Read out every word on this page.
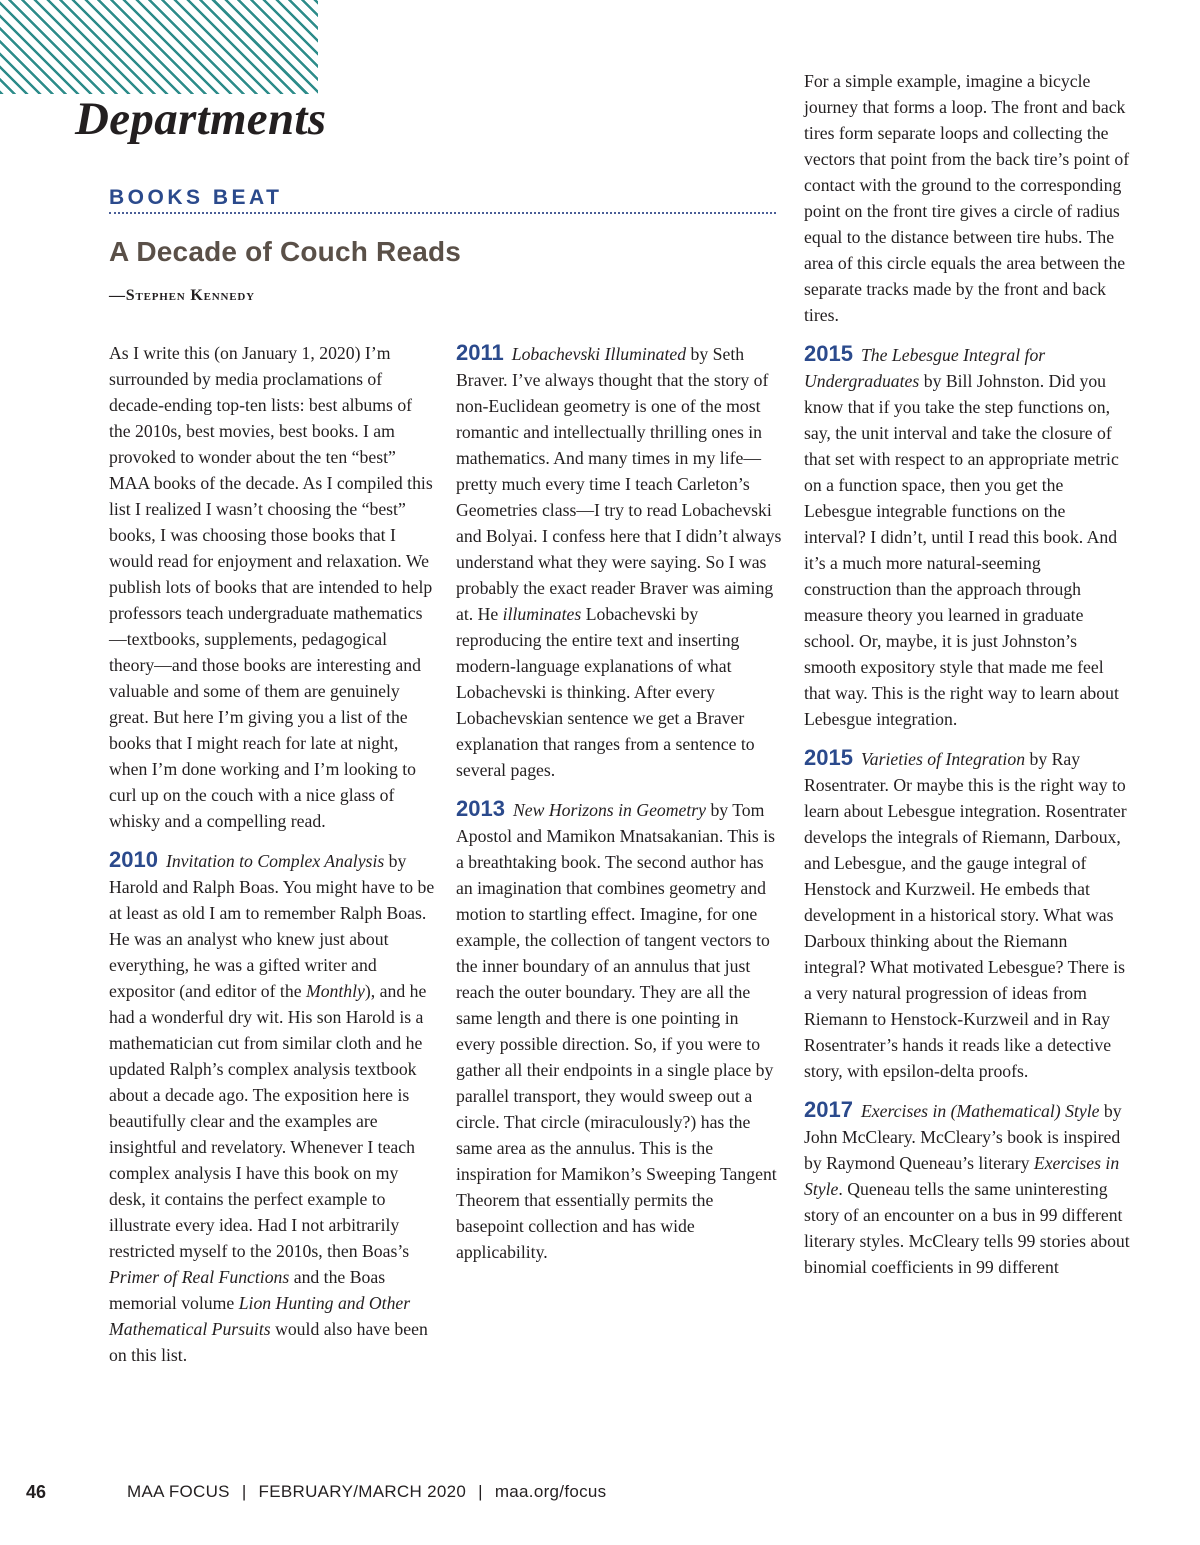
Departments
BOOKS BEAT
A Decade of Couch Reads
—Stephen Kennedy

As I write this (on January 1, 2020) I’m surrounded by media proclamations of decade-ending top-ten lists: best albums of the 2010s, best movies, best books. I am provoked to wonder about the ten “best” MAA books of the decade. As I compiled this list I realized I wasn’t choosing the “best” books, I was choosing those books that I would read for enjoyment and relaxation. We publish lots of books that are intended to help professors teach undergraduate mathematics—textbooks, supplements, pedagogical theory—and those books are interesting and valuable and some of them are genuinely great. But here I’m giving you a list of the books that I might reach for late at night, when I’m done working and I’m looking to curl up on the couch with a nice glass of whisky and a compelling read.

2010 Invitation to Complex Analysis by Harold and Ralph Boas. You might have to be at least as old I am to remember Ralph Boas. He was an analyst who knew just about everything, he was a gifted writer and expositor (and editor of the Monthly), and he had a wonderful dry wit. His son Harold is a mathematician cut from similar cloth and he updated Ralph’s complex analysis textbook about a decade ago. The exposition here is beautifully clear and the examples are insightful and revelatory. Whenever I teach complex analysis I have this book on my desk, it contains the perfect example to illustrate every idea. Had I not arbitrarily restricted myself to the 2010s, then Boas’s Primer of Real Functions and the Boas memorial volume Lion Hunting and Other Mathematical Pursuits would also have been on this list.

2011 Lobachevski Illuminated by Seth Braver. I’ve always thought that the story of non-Euclidean geometry is one of the most romantic and intellectually thrilling ones in mathematics. And many times in my life—pretty much every time I teach Carleton’s Geometries class—I try to read Lobachevski and Bolyai. I confess here that I didn’t always understand what they were saying. So I was probably the exact reader Braver was aiming at. He illuminates Lobachevski by reproducing the entire text and inserting modern-language explanations of what Lobachevski is thinking. After every Lobachevskian sentence we get a Braver explanation that ranges from a sentence to several pages.

2013 New Horizons in Geometry by Tom Apostol and Mamikon Mnatsakanian. This is a breathtaking book. The second author has an imagination that combines geometry and motion to startling effect. Imagine, for one example, the collection of tangent vectors to the inner boundary of an annulus that just reach the outer boundary. They are all the same length and there is one pointing in every possible direction. So, if you were to gather all their endpoints in a single place by parallel transport, they would sweep out a circle. That circle (miraculously?) has the same area as the annulus. This is the inspiration for Mamikon’s Sweeping Tangent Theorem that essentially permits the basepoint collection and has wide applicability.

For a simple example, imagine a bicycle journey that forms a loop. The front and back tires form separate loops and collecting the vectors that point from the back tire’s point of contact with the ground to the corresponding point on the front tire gives a circle of radius equal to the distance between tire hubs. The area of this circle equals the area between the separate tracks made by the front and back tires.

2015 The Lebesgue Integral for Undergraduates by Bill Johnston. Did you know that if you take the step functions on, say, the unit interval and take the closure of that set with respect to an appropriate metric on a function space, then you get the Lebesgue integrable functions on the interval? I didn’t, until I read this book. And it’s a much more natural-seeming construction than the approach through measure theory you learned in graduate school. Or, maybe, it is just Johnston’s smooth expository style that made me feel that way. This is the right way to learn about Lebesgue integration.

2015 Varieties of Integration by Ray Rosentrater. Or maybe this is the right way to learn about Lebesgue integration. Rosentrater develops the integrals of Riemann, Darboux, and Lebesgue, and the gauge integral of Henstock and Kurzweil. He embeds that development in a historical story. What was Darboux thinking about the Riemann integral? What motivated Lebesgue? There is a very natural progression of ideas from Riemann to Henstock-Kurzweil and in Ray Rosentrater’s hands it reads like a detective story, with epsilon-delta proofs.

2017 Exercises in (Mathematical) Style by John McCleary. McCleary’s book is inspired by Raymond Queneau’s literary Exercises in Style. Queneau tells the same uninteresting story of an encounter on a bus in 99 different literary styles. McCleary tells 99 stories about binomial coefficients in 99 different

46	MAA FOCUS | FEBRUARY/MARCH 2020 | maa.org/focus
